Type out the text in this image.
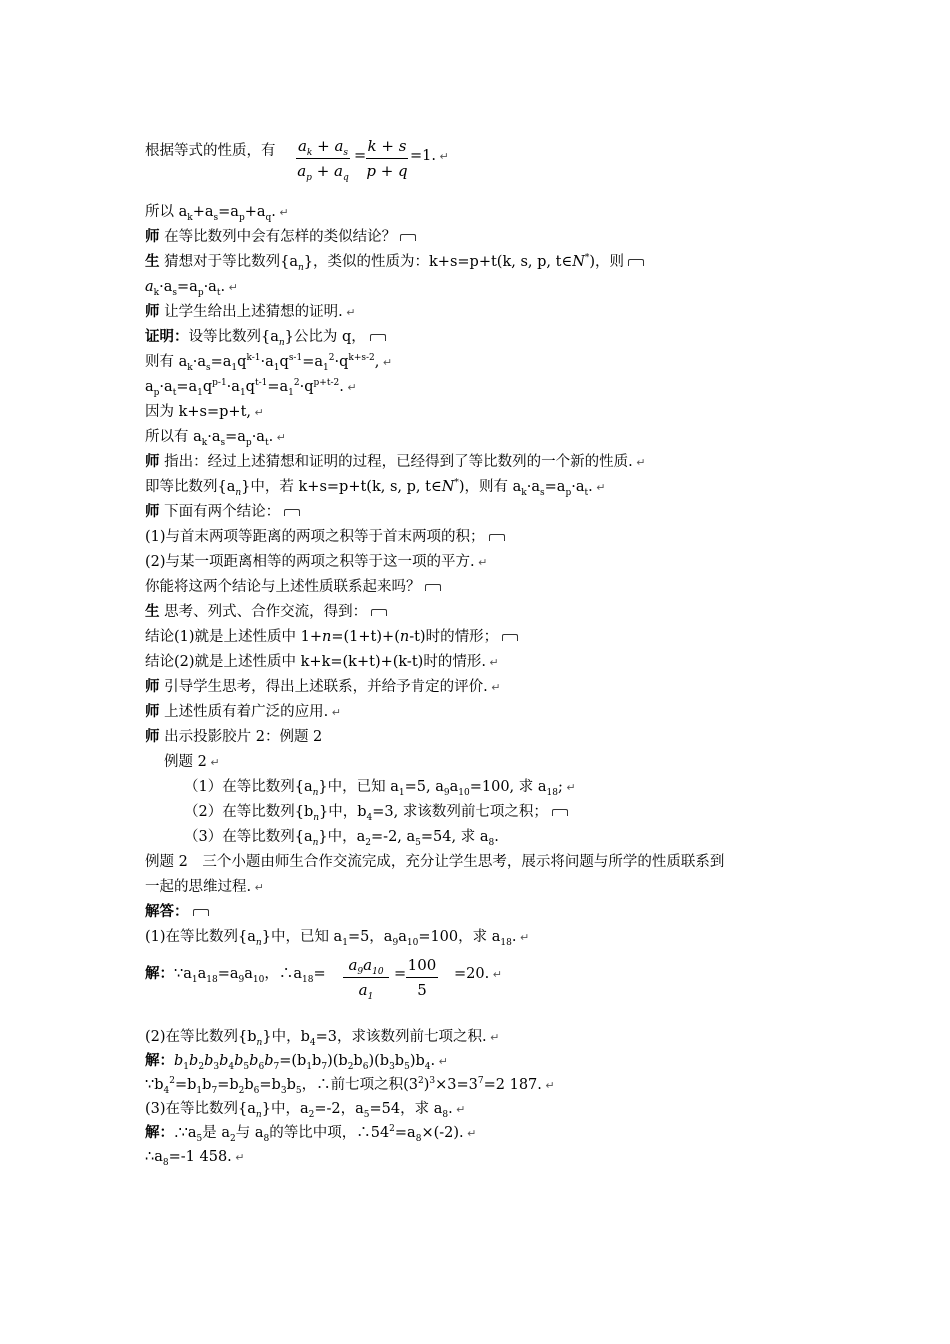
根据等式的性质，有 $a_k + a_s$
$a_p + a_q$
=
k + s
p + q
=1. ↵
所以 $a_k+a_s=a_p+a_q$. ↵
师 在等比数列中会有怎样的类似结论？
生 猜想对于等比数列$\{a_n\}$，类似的性质为：k+s=p+t(k, s, p, t∈N*)，则
$a_k\cdot a_s=a_p\cdot a_t$. ↵
师 让学生给出上述猜想的证明. ↵
证明：设等比数列$\{a_n\}$公比为 q，
则有 $a_k\cdot a_s=a_1q^{k-1}\cdot a_1q^{s-1}=a_1^2\cdot q^{k+s-2}$, ↵
$a_p\cdot a_t=a_1q^{p-1}\cdot a_1q^{t-1}=a_1^2\cdot q^{p+t-2}$. ↵
因为 k+s=p+t, ↵
所以有 $a_k\cdot a_s=a_p\cdot a_t$. ↵
师 指出：经过上述猜想和证明的过程，已经得到了等比数列的一个新的性质. ↵
即等比数列$\{a_n\}$中，若 k+s=p+t(k, s, p, t∈N*)，则有 $a_k\cdot a_s=a_p\cdot a_t$. ↵
师 下面有两个结论：
(1)与首末两项等距离的两项之积等于首末两项的积；
(2)与某一项距离相等的两项之积等于这一项的平方. ↵
你能将这两个结论与上述性质联系起来吗？
生 思考、列式、合作交流，得到：
结论(1)就是上述性质中 1+n=(1+t)+(n-t)时的情形；
结论(2)就是上述性质中 k+k=(k+t)+(k-t)时的情形. ↵
师 引导学生思考，得出上述联系，并给予肯定的评价. ↵
师 上述性质有着广泛的应用. ↵
师 出示投影胶片 2：例题 2
例题 2 ↵
（1）在等比数列$\{a_n\}$中，已知 $a_1=5$, $a_9a_{10}=100$, 求 $a_{18}$; ↵
（2）在等比数列$\{b_n\}$中，$b_4=3$, 求该数列前七项之积；
（3）在等比数列$\{a_n\}$中，$a_2=-2$, $a_5=54$, 求 $a_8$.
例题 2　三个小题由师生合作交流完成，充分让学生思考，展示将问题与所学的性质联系到
一起的思维过程. ↵
解答：
(1)在等比数列$\{a_n\}$中，已知 $a_1=5$，$a_9a_{10}=100$，求 $a_{18}$. ↵
解：$\because a_1a_{18}=a_9a_{10}$，$\therefore a_{18}=$	$a_9a_{10}$
$a_1$
= 100
5
=20. ↵
(2)在等比数列$\{b_n\}$中，$b_4=3$，求该数列前七项之积. ↵
解：$b_1b_2b_3b_4b_5b_6b_7=(b_1b_7)(b_2b_6)(b_3b_5)b_4$. ↵
$\because b_4^2=b_1b_7=b_2b_6=b_3b_5$，∴前七项之积$(3^2)^3\times 3=3^7=2$ 187. ↵
(3)在等比数列$\{a_n\}$中，$a_2=-2$，$a_5=54$，求 $a_8$. ↵
解：$.\because a_5$是 $a_2$与 $a_8$的等比中项，$\therefore 54^2=a_8\times(-2)$. ↵
$\therefore a_8=-1$ 458. ↵
